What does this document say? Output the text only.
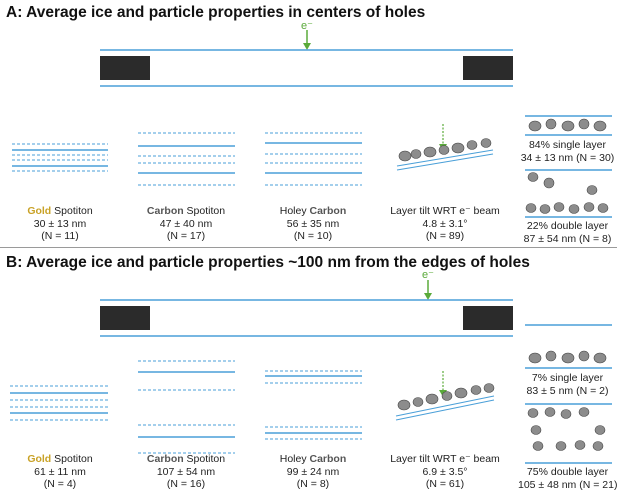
A: Average ice and particle properties in centers of holes
e⁻
e⁻
Gold Spotiton
30 ± 13 nm
(N = 11)
Carbon Spotiton
47 ± 40 nm
(N = 17)
Holey Carbon
56 ± 35 nm
(N = 10)
Layer tilt WRT e⁻ beam
4.8 ± 3.1°
(N = 89)
84% single layer
34 ± 13 nm (N = 30)
22% double layer
87 ± 54 nm (N = 8)
B: Average ice and particle properties ~100 nm from the edges of holes
Gold Spotiton
61 ± 11 nm
(N = 4)
Carbon Spotiton
107 ± 54 nm
(N = 16)
Holey Carbon
99 ± 24 nm
(N = 8)
Layer tilt WRT e⁻ beam
6.9 ± 3.5°
(N = 61)
7% single layer
83 ± 5 nm (N = 2)
75% double layer
105 ± 48 nm (N = 21)
